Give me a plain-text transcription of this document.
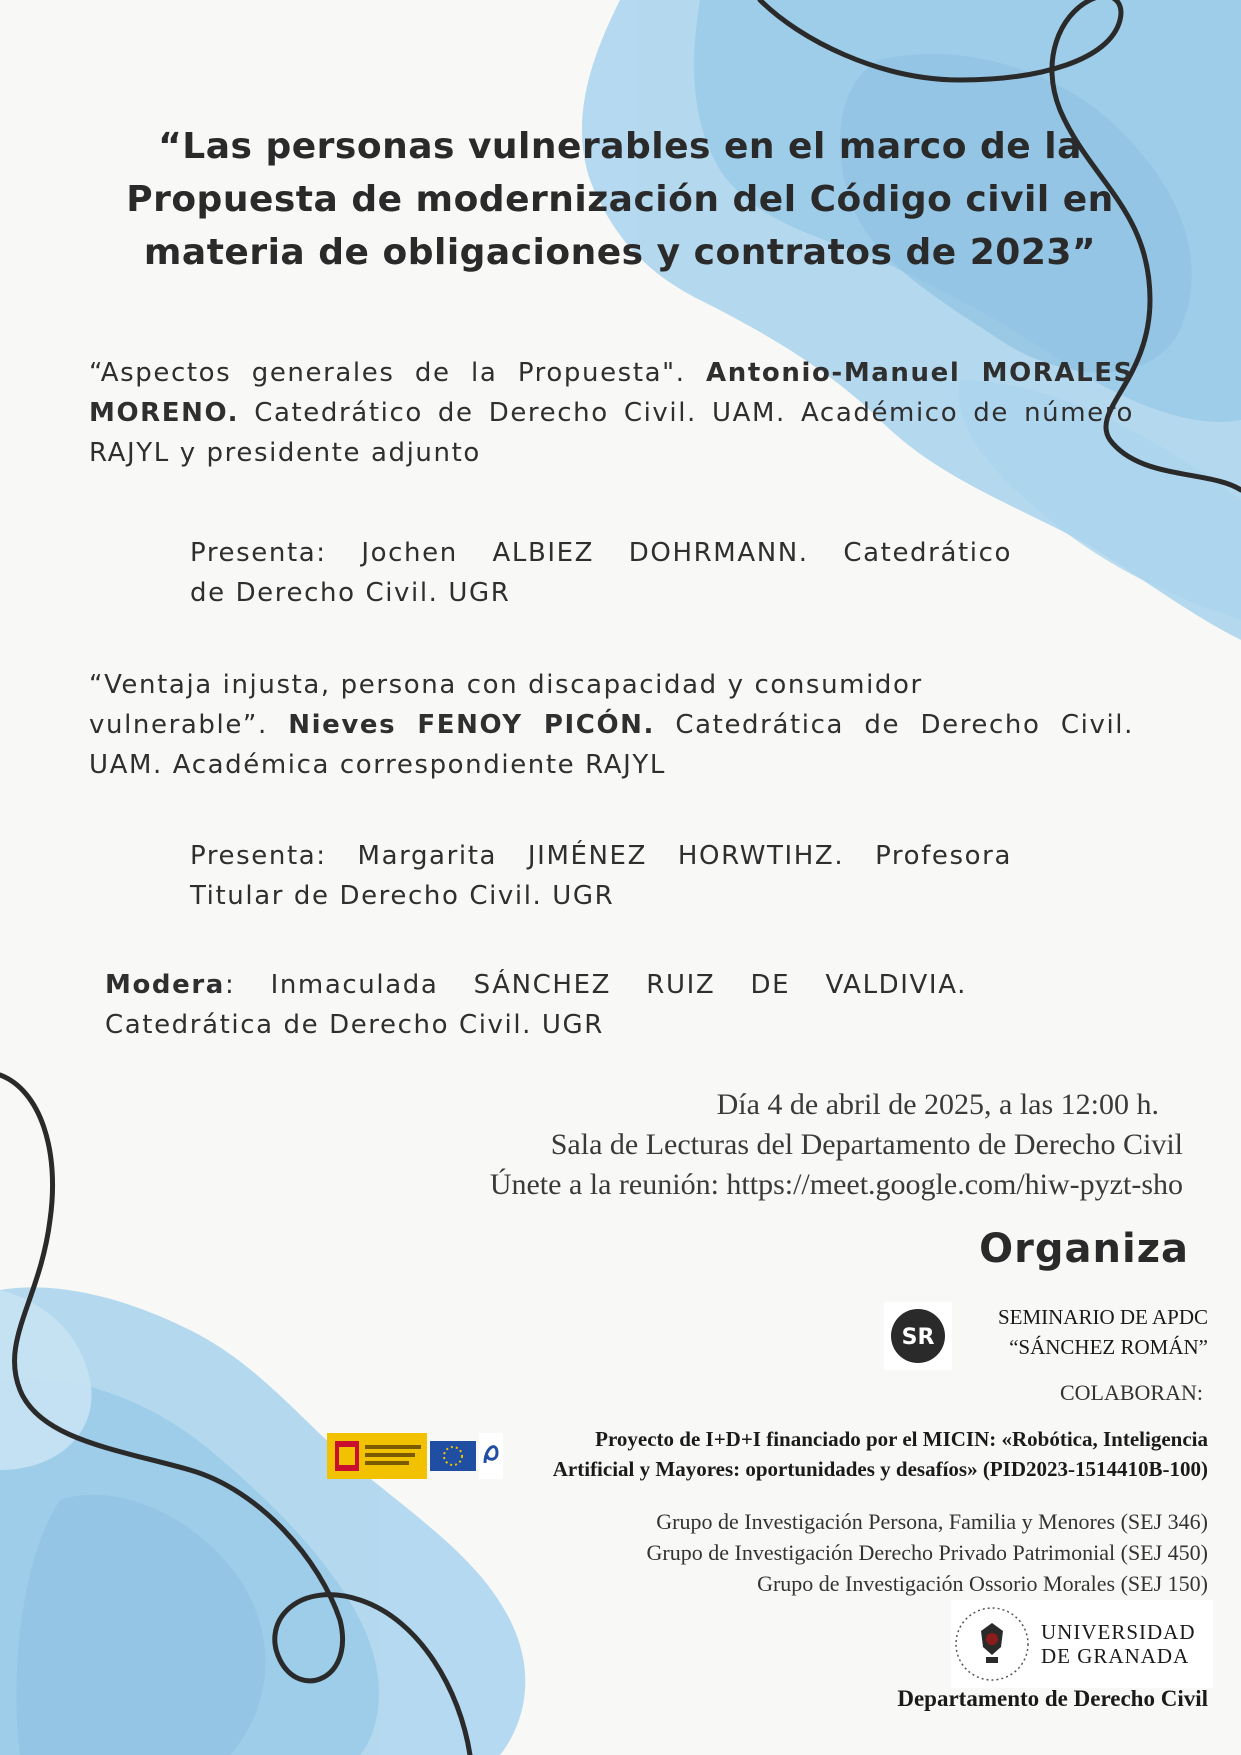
“Las personas vulnerables en el marco de la
Propuesta de modernización del Código civil en
materia de obligaciones y contratos de 2023”
“Aspectos generales de la Propuesta". Antonio-Manuel MORALES MORENO. Catedrático de Derecho Civil. UAM. Académico de número RAJYL y presidente adjunto
Presenta: Jochen ALBIEZ DOHRMANN. Catedrático
de Derecho Civil. UGR
“Ventaja injusta, persona con discapacidad y consumidor
vulnerable”. Nieves FENOY PICÓN. Catedrática de Derecho Civil.
UAM. Académica correspondiente RAJYL
Presenta: Margarita JIMÉNEZ HORWTIHZ. Profesora
Titular de Derecho Civil. UGR
Modera: Inmaculada SÁNCHEZ RUIZ DE VALDIVIA.
Catedrática de Derecho Civil. UGR
Día 4 de abril de 2025, a las 12:00 h.
Sala de Lecturas del Departamento de Derecho Civil
Únete a la reunión: https://meet.google.com/hiw-pyzt-sho
Organiza
SR
SEMINARIO DE APDC
“SÁNCHEZ ROMÁN”
COLABORAN:
Proyecto de I+D+I financiado por el MICIN: «Robótica, Inteligencia
Artificial y Mayores: oportunidades y desafíos» (PID2023-1514410B-100)
Grupo de Investigación Persona, Familia y Menores (SEJ 346)
Grupo de Investigación Derecho Privado Patrimonial (SEJ 450)
Grupo de Investigación Ossorio Morales (SEJ 150)
UNIVERSIDAD
DE GRANADA
Departamento de Derecho Civil
